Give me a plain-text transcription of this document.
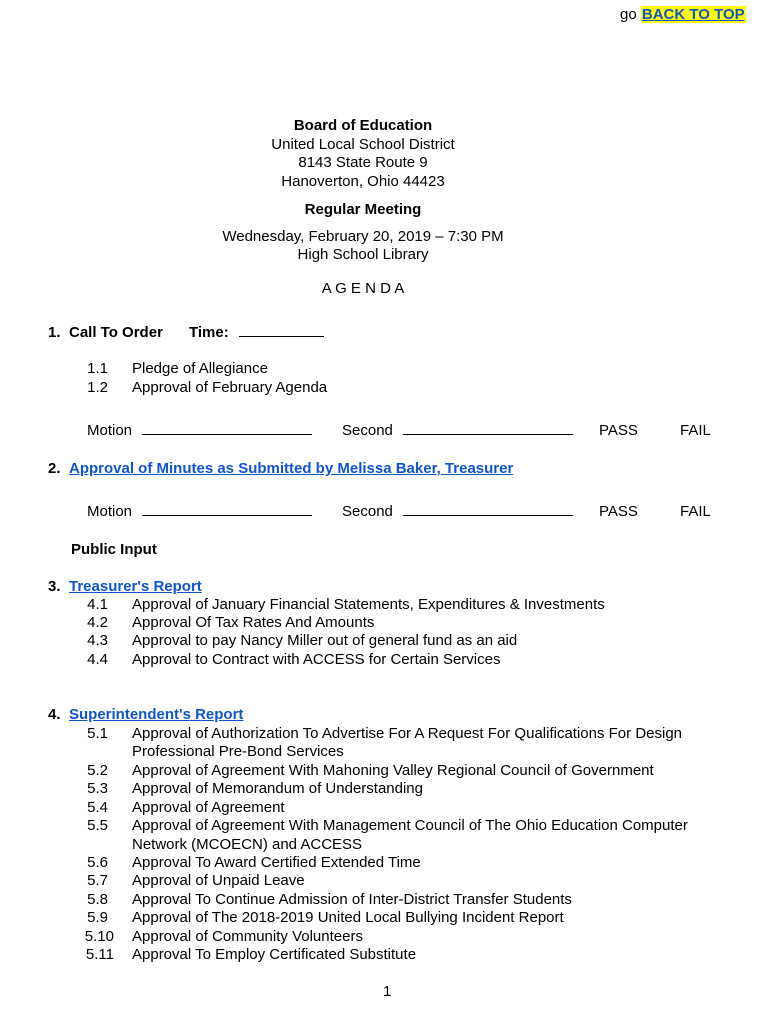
go BACK TO TOP
Board of Education
United Local School District
8143 State Route 9
Hanoverton, Ohio 44423
Regular Meeting
Wednesday, February 20, 2019 – 7:30 PM
High School Library
A G E N D A
1. Call To Order Time:
1.1 Pledge of Allegiance
1.2 Approval of February Agenda
Motion	Second	PASS	FAIL
2. Approval of Minutes as Submitted by Melissa Baker, Treasurer
Motion	Second	PASS	FAIL
Public Input
3. Treasurer's Report
4.1 Approval of January Financial Statements, Expenditures & Investments
4.2 Approval Of Tax Rates And Amounts
4.3 Approval to pay Nancy Miller out of general fund as an aid
4.4 Approval to Contract with ACCESS for Certain Services
4. Superintendent's Report
5.1 Approval of Authorization To Advertise For A Request For Qualifications For Design
Professional Pre-Bond Services
5.2 Approval of Agreement With Mahoning Valley Regional Council of Government
5.3 Approval of Memorandum of Understanding
5.4 Approval of Agreement
5.5 Approval of Agreement With Management Council of The Ohio Education Computer
Network (MCOECN) and ACCESS
5.6 Approval To Award Certified Extended Time
5.7 Approval of Unpaid Leave
5.8 Approval To Continue Admission of Inter-District Transfer Students
5.9 Approval of The 2018-2019 United Local Bullying Incident Report
5.10 Approval of Community Volunteers
5.11 Approval To Employ Certificated Substitute
1
